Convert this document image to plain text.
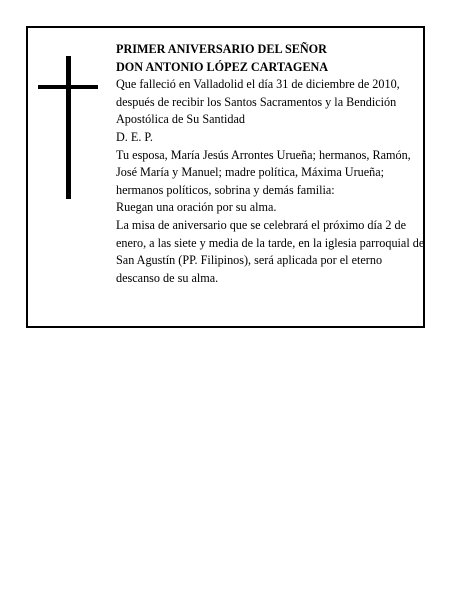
PRIMER ANIVERSARIO DEL SEÑOR

DON ANTONIO LÓPEZ CARTAGENA

Que falleció en Valladolid el día 31 de diciembre de 2010, después de recibir los Santos Sacramentos y la Bendición Apostólica de Su Santidad

D. E. P.

Tu esposa, María Jesús Arrontes Urueña; hermanos, Ramón, José María y Manuel; madre política, Máxima Urueña; hermanos políticos, sobrina y demás familia:

Ruegan una oración por su alma.

La misa de aniversario que se celebrará el próximo día 2 de enero, a las siete y media de la tarde, en la iglesia parroquial de San Agustín (PP. Filipinos), será aplicada por el eterno descanso de su alma.
